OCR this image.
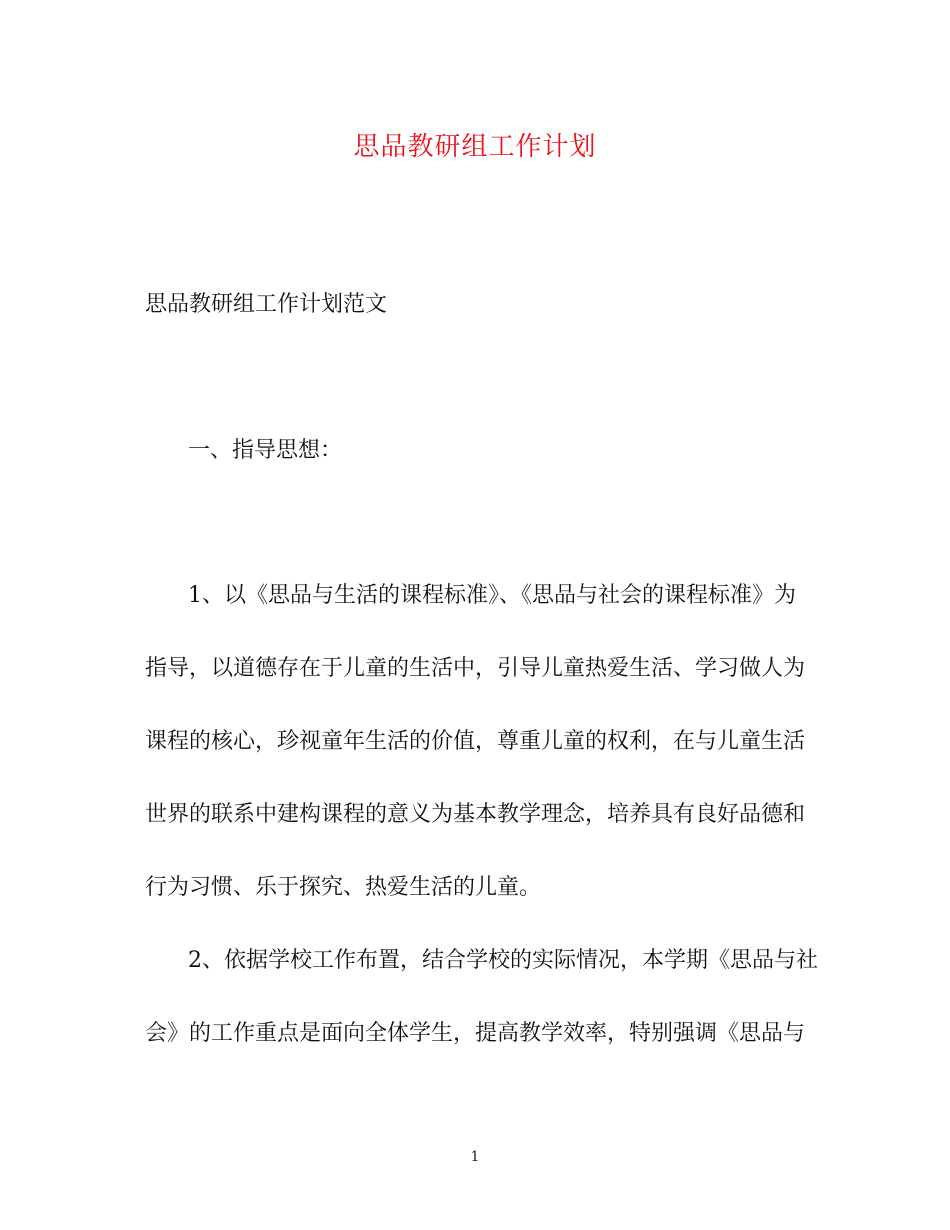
思品教研组工作计划
思品教研组工作计划范文
一、指导思想：
1、以《思品与生活的课程标准》、《思品与社会的课程标准》为
指导，以道德存在于儿童的生活中，引导儿童热爱生活、学习做人为
课程的核心，珍视童年生活的价值，尊重儿童的权利，在与儿童生活
世界的联系中建构课程的意义为基本教学理念，培养具有良好品德和
行为习惯、乐于探究、热爱生活的儿童。
2、依据学校工作布置，结合学校的实际情况，本学期《思品与社
会》的工作重点是面向全体学生，提高教学效率，特别强调《思品与
1
